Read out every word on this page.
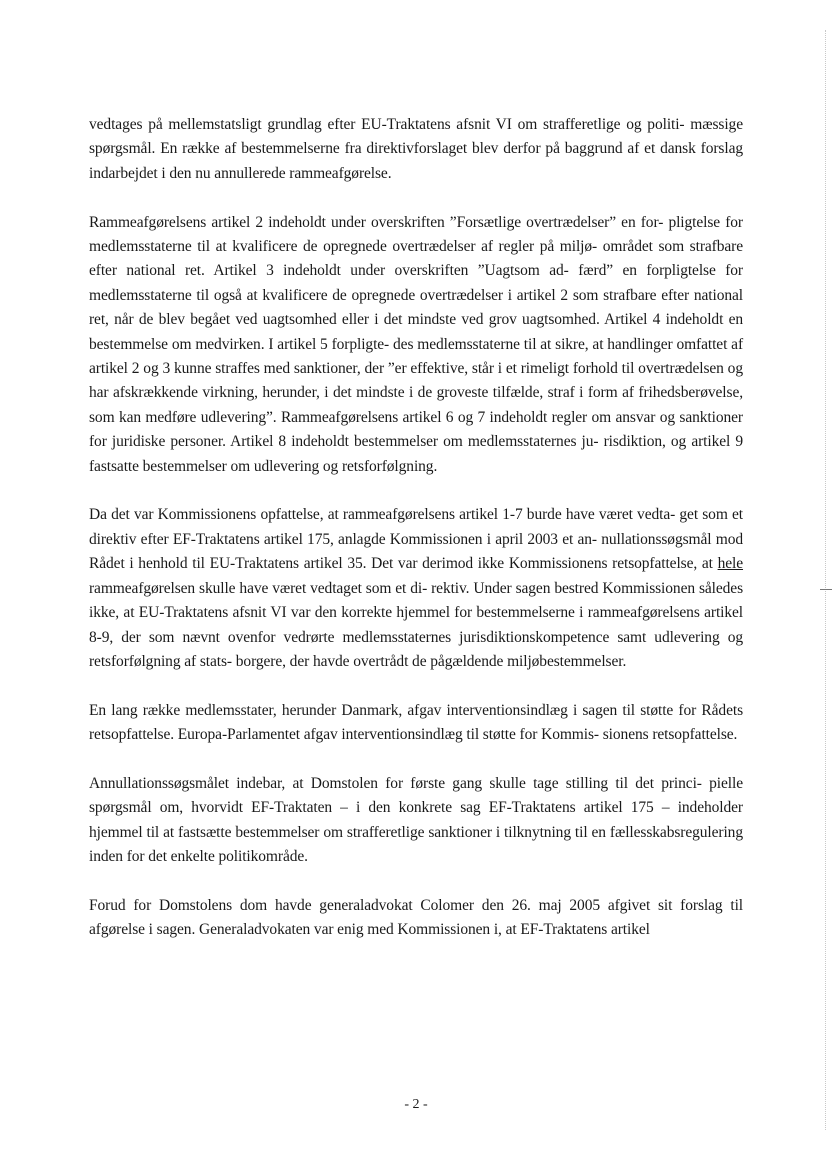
vedtages på mellemstatsligt grundlag efter EU-Traktatens afsnit VI om strafferetlige og politi- mæssige spørgsmål. En række af bestemmelserne fra direktivforslaget blev derfor på baggrund af et dansk forslag indarbejdet i den nu annullerede rammeafgørelse.

Rammeafgørelsens artikel 2 indeholdt under overskriften ”Forsætlige overtrædelser” en for- pligtelse for medlemsstaterne til at kvalificere de opregnede overtrædelser af regler på miljø- området som strafbare efter national ret. Artikel 3 indeholdt under overskriften ”Uagtsom ad- færd” en forpligtelse for medlemsstaterne til også at kvalificere de opregnede overtrædelser i artikel 2 som strafbare efter national ret, når de blev begået ved uagtsomhed eller i det mindste ved grov uagtsomhed. Artikel 4 indeholdt en bestemmelse om medvirken. I artikel 5 forpligte- des medlemsstaterne til at sikre, at handlinger omfattet af artikel 2 og 3 kunne straffes med sanktioner, der ”er effektive, står i et rimeligt forhold til overtrædelsen og har afskrækkende virkning, herunder, i det mindste i de groveste tilfælde, straf i form af frihedsberøvelse, som kan medføre udlevering”. Rammeafgørelsens artikel 6 og 7 indeholdt regler om ansvar og sanktioner for juridiske personer. Artikel 8 indeholdt bestemmelser om medlemsstaternes ju- risdiktion, og artikel 9 fastsatte bestemmelser om udlevering og retsforfølgning.

Da det var Kommissionens opfattelse, at rammeafgørelsens artikel 1-7 burde have været vedta- get som et direktiv efter EF-Traktatens artikel 175, anlagde Kommissionen i april 2003 et an- nullationssøgsmål mod Rådet i henhold til EU-Traktatens artikel 35. Det var derimod ikke Kommissionens retsopfattelse, at hele rammeafgørelsen skulle have været vedtaget som et di- rektiv. Under sagen bestred Kommissionen således ikke, at EU-Traktatens afsnit VI var den korrekte hjemmel for bestemmelserne i rammeafgørelsens artikel 8-9, der som nævnt ovenfor vedrørte medlemsstaternes jurisdiktionskompetence samt udlevering og retsforfølgning af stats- borgere, der havde overtrådt de pågældende miljøbestemmelser.

En lang række medlemsstater, herunder Danmark, afgav interventionsindlæg i sagen til støtte for Rådets retsopfattelse. Europa-Parlamentet afgav interventionsindlæg til støtte for Kommis- sionens retsopfattelse.

Annullationssøgsmålet indebar, at Domstolen for første gang skulle tage stilling til det princi- pielle spørgsmål om, hvorvidt EF-Traktaten – i den konkrete sag EF-Traktatens artikel 175 – indeholder hjemmel til at fastsætte bestemmelser om strafferetlige sanktioner i tilknytning til en fællesskabsregulering inden for det enkelte politikområde.

Forud for Domstolens dom havde generaladvokat Colomer den 26. maj 2005 afgivet sit forslag til afgørelse i sagen. Generaladvokaten var enig med Kommissionen i, at EF-Traktatens artikel

- 2 -
